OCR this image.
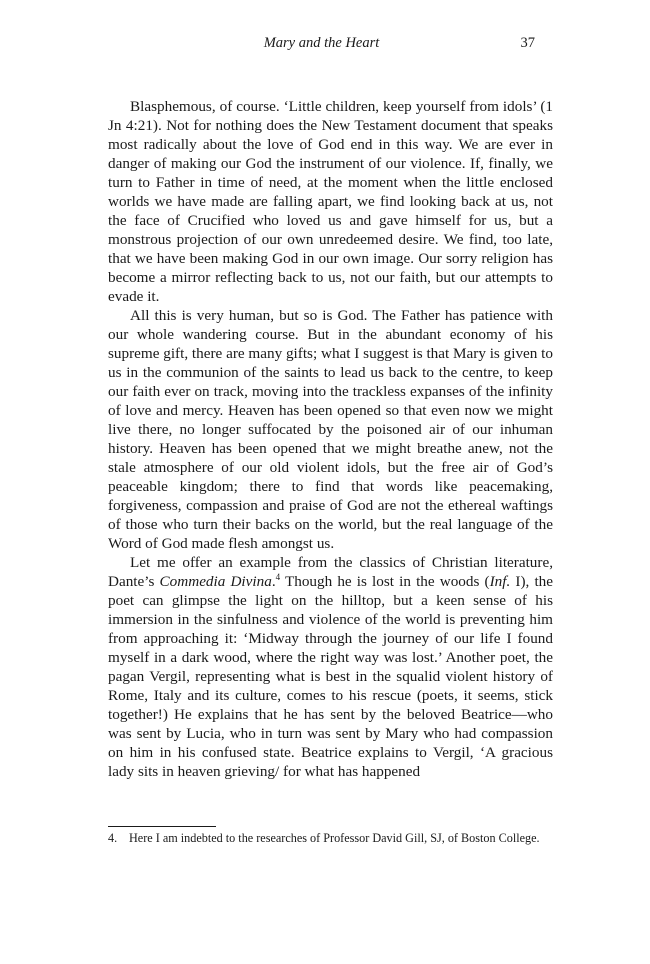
Mary and the Heart	37

Blasphemous, of course. ‘Little children, keep yourself from idols’ (1 Jn 4:21). Not for nothing does the New Testament document that speaks most radically about the love of God end in this way. We are ever in danger of making our God the instrument of our violence. If, finally, we turn to Father in time of need, at the moment when the little enclosed worlds we have made are falling apart, we find looking back at us, not the face of Crucified who loved us and gave himself for us, but a monstrous projection of our own unredeemed desire. We find, too late, that we have been making God in our own image. Our sorry religion has become a mirror reflecting back to us, not our faith, but our attempts to evade it.

All this is very human, but so is God. The Father has patience with our whole wandering course. But in the abundant economy of his supreme gift, there are many gifts; what I suggest is that Mary is given to us in the communion of the saints to lead us back to the centre, to keep our faith ever on track, moving into the trackless expanses of the infinity of love and mercy. Heaven has been opened so that even now we might live there, no longer suffocated by the poisoned air of our inhuman history. Heaven has been opened that we might breathe anew, not the stale atmosphere of our old violent idols, but the free air of God’s peaceable kingdom; there to find that words like peacemaking, forgiveness, compassion and praise of God are not the ethereal waftings of those who turn their backs on the world, but the real language of the Word of God made flesh amongst us.

Let me offer an example from the classics of Christian literature, Dante’s Commedia Divina.$^4$ Though he is lost in the woods (Inf. I), the poet can glimpse the light on the hilltop, but a keen sense of his immersion in the sinfulness and violence of the world is preventing him from approaching it: ‘Midway through the journey of our life I found myself in a dark wood, where the right way was lost.’ Another poet, the pagan Vergil, representing what is best in the squalid violent history of Rome, Italy and its culture, comes to his rescue (poets, it seems, stick together!) He explains that he has sent by the beloved Beatrice—who was sent by Lucia, who in turn was sent by Mary who had compassion on him in his confused state. Beatrice explains to Vergil, ‘A gracious lady sits in heaven grieving/ for what has happened

4. Here I am indebted to the researches of Professor David Gill, SJ, of Boston College.
